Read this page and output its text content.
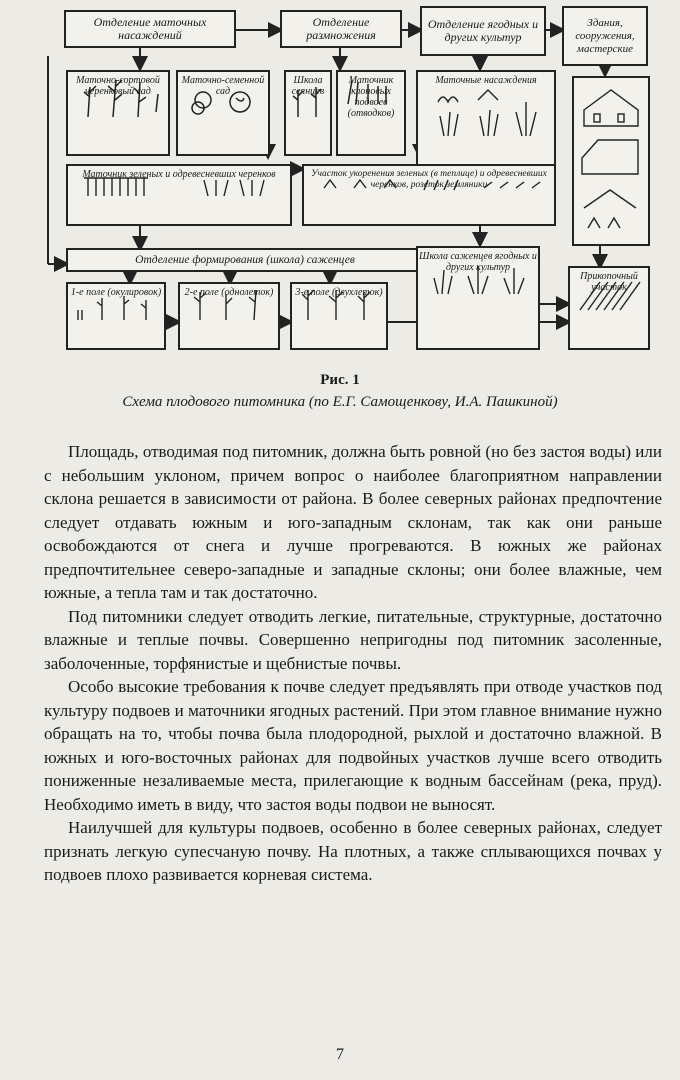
Отделение маточных насаждений
Отделение размножения
Отделение ягодных и других культур
Здания, сооружения, мастерские
Маточно-сортовой черенковый сад
Маточно-семенной сад
Школа сеянцев
Маточник клоновых подвоев (отводков)
Маточные насаждения
Маточник зеленых и одревесневших черенков	Участок укоренения зеленых (в теплице) и одревесневших черенков, розеток земляники
Отделение формирования (школа) саженцев	Школа саженцев ягодных и других культур
Прикопочный участок
1-е поле (окулировок)	2-е поле (однолеток)	3-е поле (двухлеток)
Рис. 1
Схема плодового питомника (по Е.Г. Самощенкову, И.А. Пашкиной)

Площадь, отводимая под питомник, должна быть ровной (но без застоя воды) или с небольшим уклоном, причем вопрос о наиболее благоприятном направлении склона решается в зависимости от района. В более северных районах предпочтение следует отдавать южным и юго-западным склонам, так как они раньше освобождаются от снега и лучше прогреваются. В южных же районах предпочтительнее северо-западные и западные склоны; они более влажные, чем южные, а тепла там и так достаточно.

Под питомники следует отводить легкие, питательные, структурные, достаточно влажные и теплые почвы. Совершенно непригодны под питомник засоленные, заболоченные, торфянистые и щебнистые почвы.

Особо высокие требования к почве следует предъявлять при отводе участков под культуру подвоев и маточники ягодных растений. При этом главное внимание нужно обращать на то, чтобы почва была плодородной, рыхлой и достаточно влажной. В южных и юго-восточных районах для подвойных участков лучше всего отводить пониженные незаливаемые места, прилегающие к водным бассейнам (река, пруд). Необходимо иметь в виду, что застоя воды подвои не выносят.

Наилучшей для культуры подвоев, особенно в более северных районах, следует признать легкую супесчаную почву. На плотных, а также сплывающихся почвах у подвоев плохо развивается корневая система.

7
